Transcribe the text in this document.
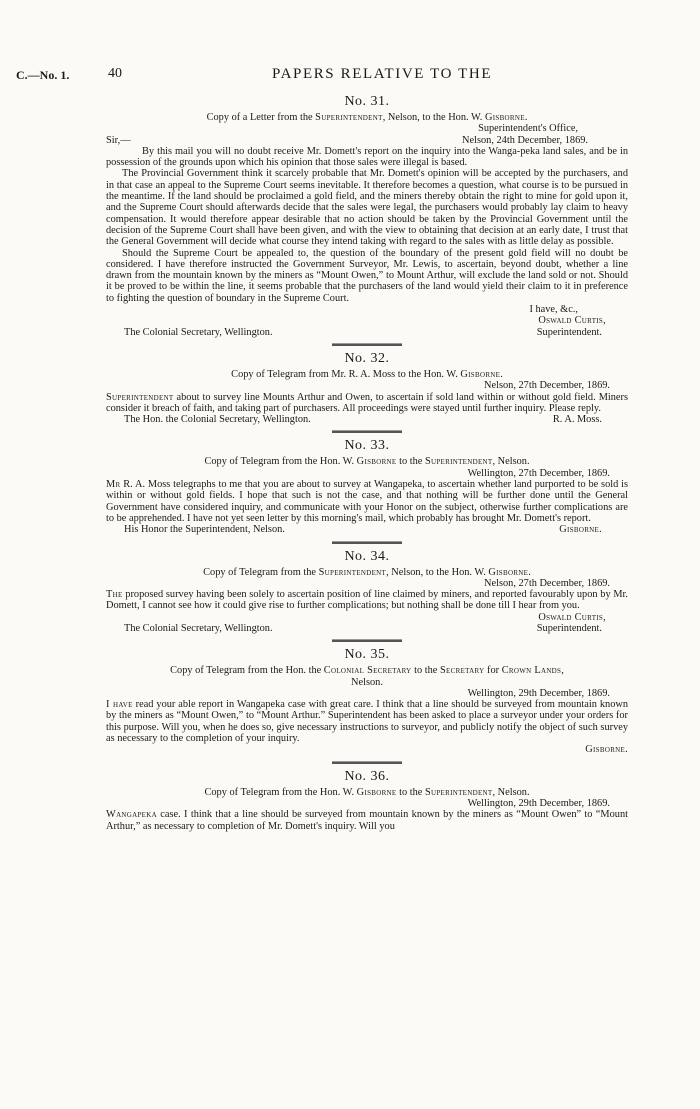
C.—No. 1.	40	PAPERS RELATIVE TO THE
No. 31.
Copy of a Letter from the Superintendent, Nelson, to the Hon. W. Gisborne.
Superintendent's Office,
Sir,—	Nelson, 24th December, 1869.

By this mail you will no doubt receive Mr. Domett's report on the inquiry into the Wanga-peka land sales, and be in possession of the grounds upon which his opinion that those sales were illegal is based.

The Provincial Government think it scarcely probable that Mr. Domett's opinion will be accepted by the purchasers, and in that case an appeal to the Supreme Court seems inevitable. It therefore becomes a question, what course is to be pursued in the meantime. If the land should be proclaimed a gold field, and the miners thereby obtain the right to mine for gold upon it, and the Supreme Court should afterwards decide that the sales were legal, the purchasers would probably lay claim to heavy compensation. It would therefore appear desirable that no action should be taken by the Provincial Government until the decision of the Supreme Court shall have been given, and with the view to obtaining that decision at an early date, I trust that the General Government will decide what course they intend taking with regard to the sales with as little delay as possible.

Should the Supreme Court be appealed to, the question of the boundary of the present gold field will no doubt be considered. I have therefore instructed the Government Surveyor, Mr. Lewis, to ascertain, beyond doubt, whether a line drawn from the mountain known by the miners as “Mount Owen,” to Mount Arthur, will exclude the land sold or not. Should it be proved to be within the line, it seems probable that the purchasers of the land would yield their claim to it in preference to fighting the question of boundary in the Supreme Court.

I have, &c.,
Oswald Curtis,
The Colonial Secretary, Wellington.	Superintendent.
No. 32.
Copy of Telegram from Mr. R. A. Moss to the Hon. W. Gisborne.
Nelson, 27th December, 1869.

Superintendent about to survey line Mounts Arthur and Owen, to ascertain if sold land within or without gold field. Miners consider it breach of faith, and taking part of purchasers. All proceedings were stayed until further inquiry. Please reply.

The Hon. the Colonial Secretary, Wellington.	R. A. Moss.
No. 33.
Copy of Telegram from the Hon. W. Gisborne to the Superintendent, Nelson.
Wellington, 27th December, 1869.

Mr R. A. Moss telegraphs to me that you are about to survey at Wangapeka, to ascertain whether land purported to be sold is within or without gold fields. I hope that such is not the case, and that nothing will be further done until the General Government have considered inquiry, and communicate with your Honor on the subject, otherwise further complications are to be apprehended. I have not yet seen letter by this morning's mail, which probably has brought Mr. Domett's report.

His Honor the Superintendent, Nelson.	Gisborne.
No. 34.
Copy of Telegram from the Superintendent, Nelson, to the Hon. W. Gisborne.
Nelson, 27th December, 1869.

The proposed survey having been solely to ascertain position of line claimed by miners, and reported favourably upon by Mr. Domett, I cannot see how it could give rise to further complications; but nothing shall be done till I hear from you.

Oswald Curtis,
The Colonial Secretary, Wellington.	Superintendent.
No. 35.
Copy of Telegram from the Hon. the Colonial Secretary to the Secretary for Crown Lands,
Nelson.
Wellington, 29th December, 1869.

I have read your able report in Wangapeka case with great care. I think that a line should be surveyed from mountain known by the miners as “Mount Owen,” to “Mount Arthur.” Superintendent has been asked to place a surveyor under your orders for this purpose. Will you, when he does so, give necessary instructions to surveyor, and publicly notify the object of such survey as necessary to the completion of your inquiry.

Gisborne.
No. 36.
Copy of Telegram from the Hon. W. Gisborne to the Superintendent, Nelson.
Wellington, 29th December, 1869.

Wangapeka case. I think that a line should be surveyed from mountain known by the miners as “Mount Owen” to “Mount Arthur,” as necessary to completion of Mr. Domett's inquiry. Will you
